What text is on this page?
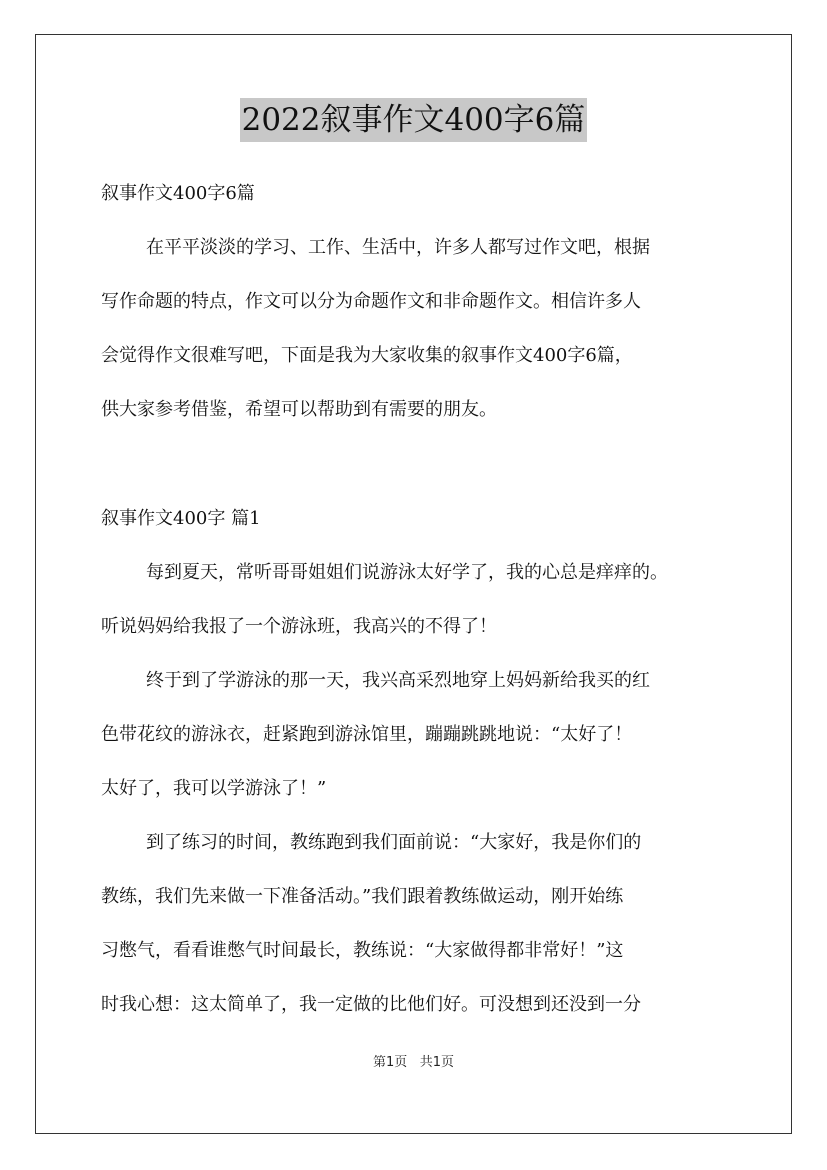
2022叙事作文400字6篇
叙事作文400字6篇
在平平淡淡的学习、工作、生活中，许多人都写过作文吧，根据
写作命题的特点，作文可以分为命题作文和非命题作文。相信许多人
会觉得作文很难写吧，下面是我为大家收集的叙事作文400字6篇，
供大家参考借鉴，希望可以帮助到有需要的朋友。
叙事作文400字 篇1
每到夏天，常听哥哥姐姐们说游泳太好学了，我的心总是痒痒的。
听说妈妈给我报了一个游泳班，我高兴的不得了！
终于到了学游泳的那一天，我兴高采烈地穿上妈妈新给我买的红
色带花纹的游泳衣，赶紧跑到游泳馆里，蹦蹦跳跳地说：“太好了！
太好了，我可以学游泳了！”
到了练习的时间，教练跑到我们面前说：“大家好，我是你们的
教练，我们先来做一下准备活动。”我们跟着教练做运动，刚开始练
习憋气，看看谁憋气时间最长，教练说：“大家做得都非常好！”这
时我心想：这太简单了，我一定做的比他们好。可没想到还没到一分
第1页 共1页
